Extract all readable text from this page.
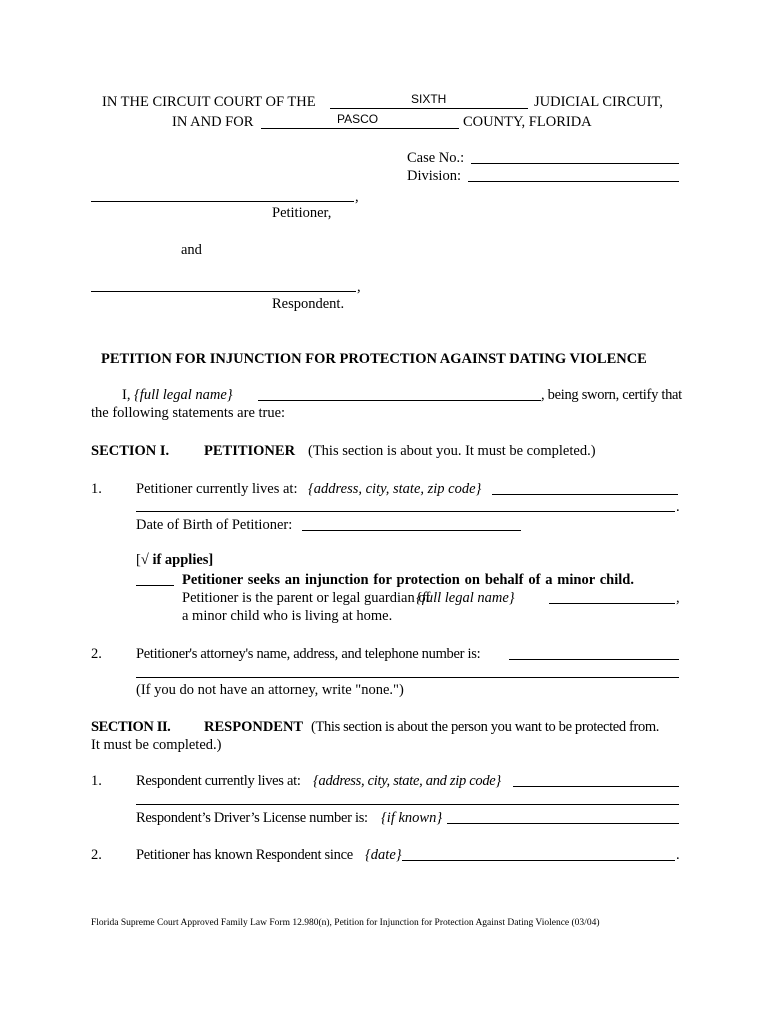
IN THE CIRCUIT COURT OF THE	SIXTH	JUDICIAL CIRCUIT,
IN AND FOR	PASCO	COUNTY, FLORIDA
Case No.:
Division:
,
Petitioner,
and
,
Respondent.
PETITION FOR INJUNCTION FOR PROTECTION AGAINST DATING VIOLENCE
I, {full legal name}	, being sworn, certify that
the following statements are true:
SECTION I. PETITIONER (This section is about you. It must be completed.)
1. Petitioner currently lives at: {address, city, state, zip code}
.
Date of Birth of Petitioner:
[√ if applies]
Petitioner seeks an injunction for protection on behalf of a minor child.
Petitioner is the parent or legal guardian of
{full legal name}	,
a minor child who is living at home.
2. Petitioner's attorney's name, address, and telephone number is:
(If you do not have an attorney, write "none.")
SECTION II. RESPONDENT (This section is about the person you want to be protected from.
It must be completed.)
1. Respondent currently lives at: {address, city, state, and zip code}
Respondent’s Driver’s License number is: {if known}
2. Petitioner has known Respondent since {date}	.
Florida Supreme Court Approved Family Law Form 12.980(n), Petition for Injunction for Protection Against Dating Violence (03/04)
